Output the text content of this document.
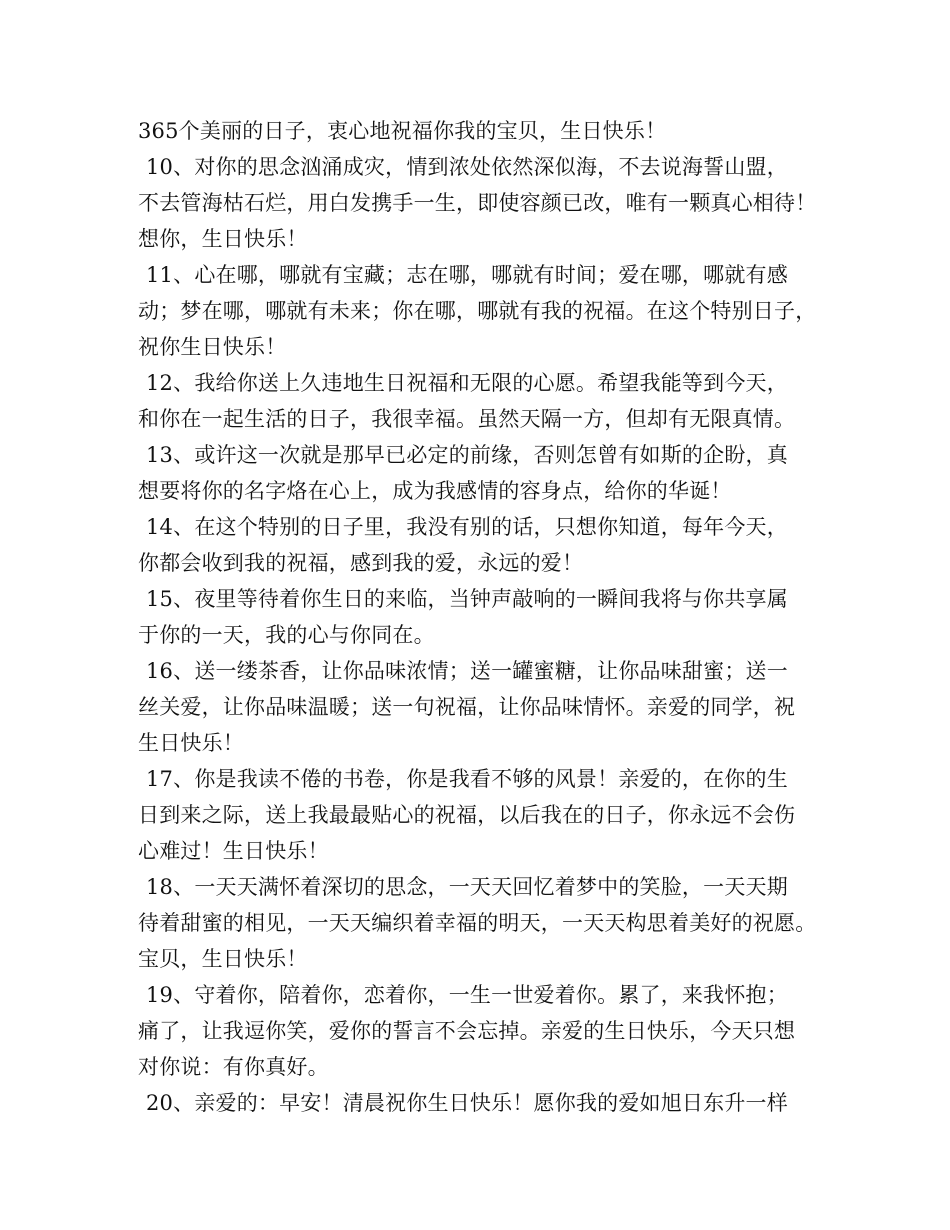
365个美丽的日子，衷心地祝福你我的宝贝，生日快乐！
10、对你的思念汹涌成灾，情到浓处依然深似海，不去说海誓山盟，
不去管海枯石烂，用白发携手一生，即使容颜已改，唯有一颗真心相待！
想你，生日快乐！
11、心在哪，哪就有宝藏；志在哪，哪就有时间；爱在哪，哪就有感
动；梦在哪，哪就有未来；你在哪，哪就有我的祝福。在这个特别日子，
祝你生日快乐！
12、我给你送上久违地生日祝福和无限的心愿。希望我能等到今天，
和你在一起生活的日子，我很幸福。虽然天隔一方，但却有无限真情。
13、或许这一次就是那早已必定的前缘，否则怎曾有如斯的企盼，真
想要将你的名字烙在心上，成为我感情的容身点，给你的华诞！
14、在这个特别的日子里，我没有别的话，只想你知道，每年今天，
你都会收到我的祝福，感到我的爱，永远的爱！
15、夜里等待着你生日的来临，当钟声敲响的一瞬间我将与你共享属
于你的一天，我的心与你同在。
16、送一缕茶香，让你品味浓情；送一罐蜜糖，让你品味甜蜜；送一
丝关爱，让你品味温暖；送一句祝福，让你品味情怀。亲爱的同学，祝
生日快乐！
17、你是我读不倦的书卷，你是我看不够的风景！亲爱的，在你的生
日到来之际，送上我最最贴心的祝福，以后我在的日子，你永远不会伤
心难过！生日快乐！
18、一天天满怀着深切的思念，一天天回忆着梦中的笑脸，一天天期
待着甜蜜的相见，一天天编织着幸福的明天，一天天构思着美好的祝愿。
宝贝，生日快乐！
19、守着你，陪着你，恋着你，一生一世爱着你。累了，来我怀抱；
痛了，让我逗你笑，爱你的誓言不会忘掉。亲爱的生日快乐，今天只想
对你说：有你真好。
20、亲爱的：早安！清晨祝你生日快乐！愿你我的爱如旭日东升一样
